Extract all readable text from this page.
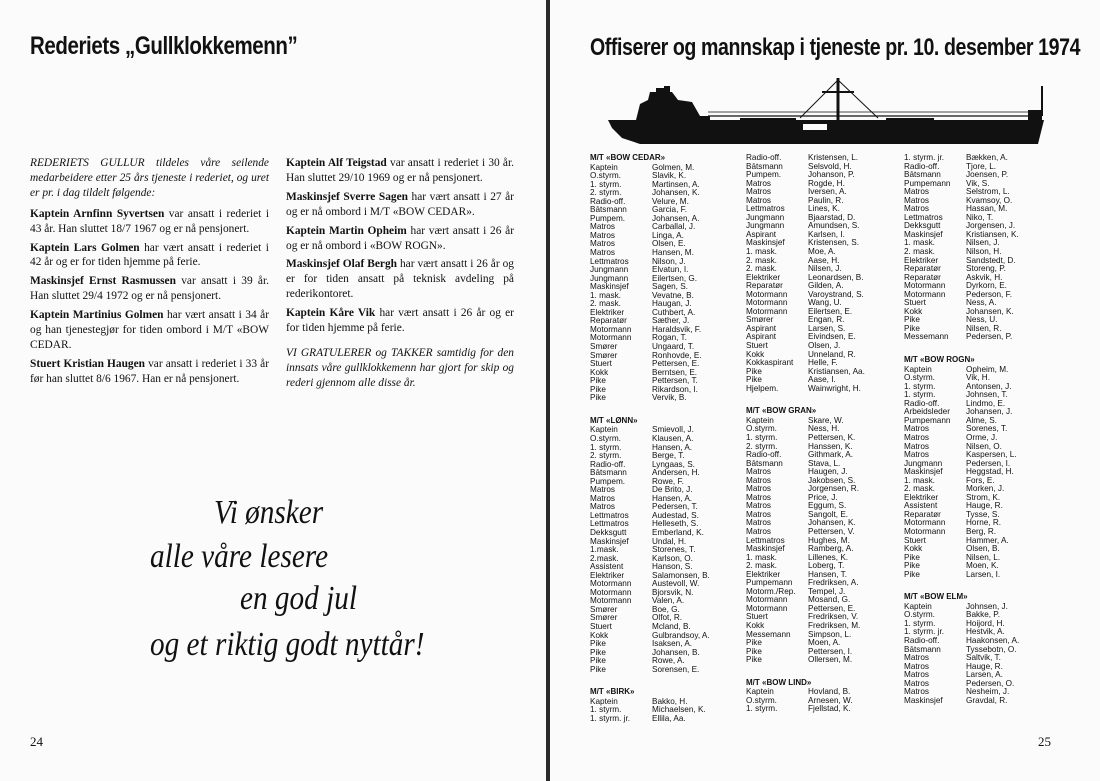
Rederiets „Gullklokkemenn”

REDERIETS GULLUR tildeles våre seilende medarbeidere etter 25 års tjeneste i rederiet, og uret er pr. i dag tildelt følgende:

Kaptein Arnfinn Syvertsen var ansatt i rederiet i 43 år. Han sluttet 18/7 1967 og er nå pensjonert.

Kaptein Lars Golmen har vært ansatt i rederiet i 42 år og er for tiden hjemme på ferie.

Maskinsjef Ernst Rasmussen var ansatt i 39 år. Han sluttet 29/4 1972 og er nå pensjonert.

Kaptein Martinius Golmen har vært ansatt i 34 år og han tjenestegjør for tiden ombord i M/T «BOW CEDAR.

Stuert Kristian Haugen var ansatt i rederiet i 33 år før han sluttet 8/6 1967. Han er nå pensjonert.

Kaptein Alf Teigstad var ansatt i rederiet i 30 år. Han sluttet 29/10 1969 og er nå pensjonert.

Maskinsjef Sverre Sagen har vært ansatt i 27 år og er nå ombord i M/T «BOW CEDAR».

Kaptein Martin Opheim har vært ansatt i 26 år og er nå ombord i «BOW ROGN».

Maskinsjef Olaf Bergh har vært ansatt i 26 år og er for tiden ansatt på teknisk avdeling på rederikontoret.

Kaptein Kåre Vik har vært ansatt i 26 år og er for tiden hjemme på ferie.

VI GRATULERER og TAKKER samtidig for den innsats våre gullklokkemenn har gjort for skip og rederi gjennom alle disse år.

Vi ønsker
alle våre lesere
en god jul
og et riktig godt nyttår!
24
Offiserer og mannskap i tjeneste pr. 10. desember 1974
M/T «BOW CEDAR»
Kaptein	Golmen, M.
O.styrm.	Slavik, K.
1. styrm.	Martinsen, A.
2. styrm.	Johansen, K.
Radio-off.	Velure, M.
Båtsmann	Garcia, F.
Pumpem.	Johansen, A.
Matros	Carballal, J.
Matros	Linga, A.
Matros	Olsen, E.
Matros	Hansen, M.
Lettmatros	Nilson, J.
Jungmann	Elvatun, I.
Jungmann	Eilertsen, G.
Maskinsjef	Sagen, S.
1. mask.	Vevatne, B.
2. mask.	Haugan, J.
Elektriker	Cuthbert, A.
Reparatør	Sæther, J.
Motormann	Haraldsvik, F.
Motormann	Rogan, T.
Smører	Ungaard, T.
Smører	Ronhovde, E.
Stuert	Pettersen, E.
Kokk	Berntsen, E.
Pike	Pettersen, T.
Pike	Rikardson, I.
Pike	Vervik, B.
M/T «LØNN»
Kaptein	Smievoll, J.
O.styrm.	Klausen, A.
1. styrm.	Hansen, A.
2. styrm.	Berge, T.
Radio-off.	Lyngaas, S.
Båtsmann	Andersen, H.
Pumpem.	Rowe, F.
Matros	De Brito, J.
Matros	Hansen, A.
Matros	Pedersen, T.
Lettmatros	Audestad, S.
Lettmatros	Helleseth, S.
Dekksgutt	Emberland, K.
Maskinsjef	Undal, H.
1.mask.	Storenes, T.
2.mask.	Karlson, O.
Assistent	Hanson, S.
Elektriker	Salamonsen, B.
Motormann	Austevoll, W.
Motormann	Bjorsvik, N.
Motormann	Valen, A.
Smører	Boe, G.
Smører	Olfot, R.
Stuert	Mcland, B.
Kokk	Gulbrandsoy, A.
Pike	Isaksen, A.
Pike	Johansen, B.
Pike	Rowe, A.
Pike	Sorensen, E.
M/T «BIRK»
Kaptein	Bakko, H.
1. styrm.	Michaelsen, K.
1. styrm. jr.	Ellila, Aa.
Radio-off.	Kristensen, L.
Båtsmann	Selsvold, H.
Pumpem.	Johanson, P.
Matros	Rogde, H.
Matros	Iversen, A.
Matros	Paulin, R.
Lettmatros	Lines, K.
Jungmann	Bjaarstad, D.
Jungmann	Amundsen, S.
Aspirant	Karlsen, I.
Maskinsjef	Kristensen, S.
1. mask.	Moe, A.
2. mask.	Aase, H.
2. mask.	Nilsen, J.
Elektriker	Leonardsen, B.
Reparatør	Gilden, A.
Motormann	Varoystrand, S.
Motormann	Wang, U.
Motormann	Eilertsen, E.
Smører	Engan, R.
Aspirant	Larsen, S.
Aspirant	Eivindsen, E.
Stuert	Olsen, J.
Kokk	Unneland, R.
Kokkaspirant	Helle, F.
Pike	Kristiansen, Aa.
Pike	Aase, I.
Hjelpem.	Wainwright, H.
M/T «BOW GRAN»
Kaptein	Skare, W.
O.styrm.	Ness, H.
1. styrm.	Pettersen, K.
2. styrm.	Hanssen, K.
Radio-off.	Githmark, A.
Båtsmann	Stava, L.
Matros	Haugen, J.
Matros	Jakobsen, S.
Matros	Jorgensen, R.
Matros	Price, J.
Matros	Eggum, S.
Matros	Sangolt, E.
Matros	Johansen, K.
Matros	Pettersen, V.
Lettmatros	Hughes, M.
Maskinsjef	Ramberg, A.
1. mask.	Lillenes, K.
2. mask.	Loberg, T.
Elektriker	Hansen, T.
Pumpemann	Fredriksen, A.
Motorm./Rep.	Tempel, J.
Motormann	Mosand, G.
Motormann	Pettersen, E.
Stuert	Fredriksen, V.
Kokk	Fredriksen, M.
Messemann	Simpson, L.
Pike	Moen, A.
Pike	Pettersen, I.
Pike	Ollersen, M.
M/T «BOW LIND»
Kaptein	Hovland, B.
O.styrm.	Arnesen, W.
1. styrm.	Fjellstad, K.
1. styrm. jr.	Bækken, A.
Radio-off.	Tjore, L.
Båtsmann	Joensen, P.
Pumpemann	Vik, S.
Matros	Selstrom, L.
Matros	Kvamsoy, O.
Matros	Hassan, M.
Lettmatros	Niko, T.
Dekksgutt	Jorgensen, J.
Maskinsjef	Kristiansen, K.
1. mask.	Nilsen, J.
2. mask.	Nilson, H.
Elektriker	Sandstedt, D.
Reparatør	Storeng, P.
Reparatør	Askvik, H.
Motormann	Dyrkorn, E.
Motormann	Pederson, F.
Stuert	Ness, A.
Kokk	Johansen, K.
Pike	Ness, U.
Pike	Nilsen, R.
Messemann	Pedersen, P.
M/T «BOW ROGN»
Kaptein	Opheim, M.
O.styrm.	Vik, H.
1. styrm.	Antonsen, J.
1. styrm.	Johnsen, T.
Radio-off.	Lindmo, E.
Arbeidsleder	Johansen, J.
Pumpemann	Alme, S.
Matros	Sorenes, T.
Matros	Orme, J.
Matros	Nilsen, O.
Matros	Kaspersen, L.
Jungmann	Pedersen, I.
Maskinsjef	Heggstad, H.
1. mask.	Fors, E.
2. mask.	Morken, J.
Elektriker	Strom, K.
Assistent	Hauge, R.
Reparatør	Tysse, S.
Motormann	Horne, R.
Motormann	Berg, R.
Stuert	Hammer, A.
Kokk	Olsen, B.
Pike	Nilsen, L.
Pike	Moen, K.
Pike	Larsen, I.
M/T «BOW ELM»
Kaptein	Johnsen, J.
O.styrm.	Bakke, P.
1. styrm.	Hoijord, H.
1. styrm. jr.	Hestvik, A.
Radio-off.	Haakonsen, A.
Båtsmann	Tyssebotn, O.
Matros	Saltvik, T.
Matros	Hauge, R.
Matros	Larsen, A.
Matros	Pedersen, O.
Matros	Nesheim, J.
Maskinsjef	Gravdal, R.
25
